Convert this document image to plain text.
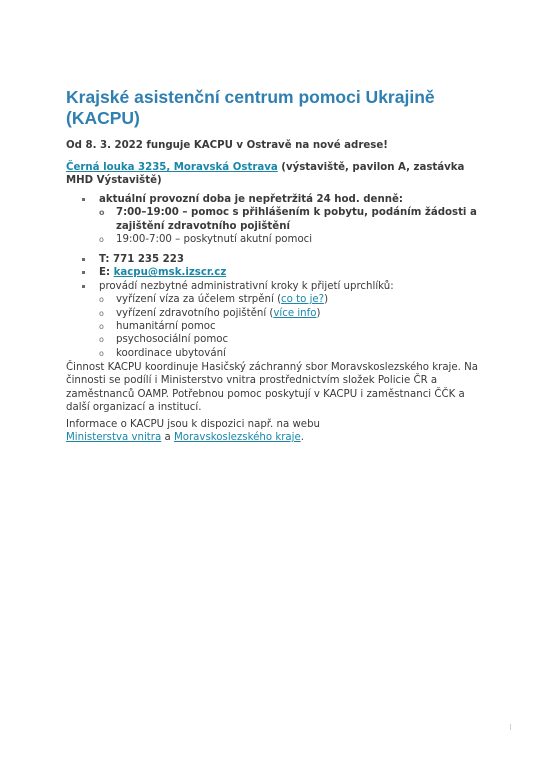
Krajské asistenční centrum pomoci Ukrajině (KACPU)

Od 8. 3. 2022 funguje KACPU v Ostravě na nové adrese!

Černá louka 3235, Moravská Ostrava (výstaviště, pavilon A, zastávka MHD Výstaviště)

aktuální provozní doba je nepřetržitá 24 hod. denně:
o 7:00–19:00 – pomoc s přihlášením k pobytu, podáním žádosti a zajištění zdravotního pojištění
o 19:00-7:00 – poskytnutí akutní pomoci
T: 771 235 223
E: kacpu@msk.izscr.cz
provádí nezbytné administrativní kroky k přijetí uprchlíků:
o vyřízení víza za účelem strpění (co to je?)
o vyřízení zdravotního pojištění (více info)
o humanitární pomoc
o psychosociální pomoc
o koordinace ubytování

Činnost KACPU koordinuje Hasičský záchranný sbor Moravskoslezského kraje. Na činnosti se podílí i Ministerstvo vnitra prostřednictvím složek Policie ČR a zaměstnanců OAMP. Potřebnou pomoc poskytují v KACPU i zaměstnanci ČČK a další organizací a institucí.

Informace o KACPU jsou k dispozici např. na webu Ministerstva vnitra a Moravskoslezského kraje.
